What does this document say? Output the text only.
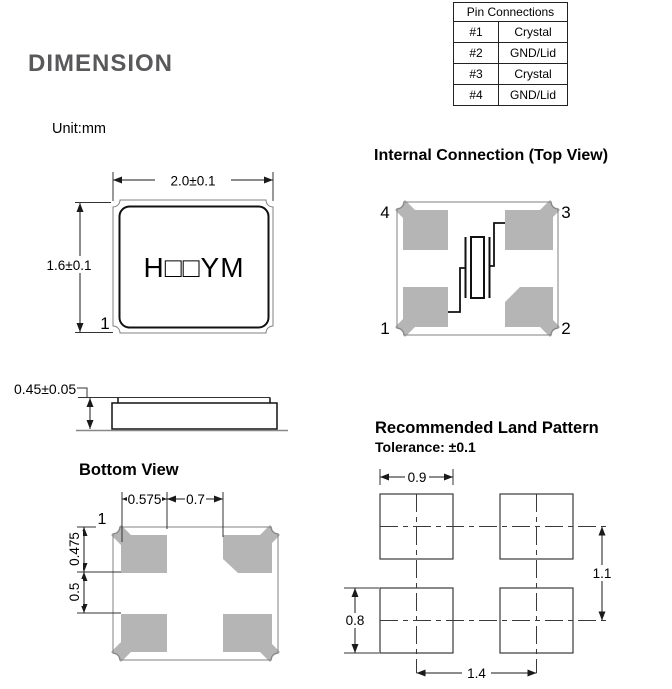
DIMENSION
Unit:mm
Pin Connections	
#1	Crystal
#2	GND/Lid
#3	Crystal
#4	GND/Lid
2.0±0.1
H□□YM
1.6±0.1
1
Internal Connection (Top View)
4	3
1	2
0.45±0.05
Bottom View
0.575 0.7
1
0.475
0.5
Recommended Land Pattern
Tolerance: ±0.1
0.9
1.1
0.8
1.4
